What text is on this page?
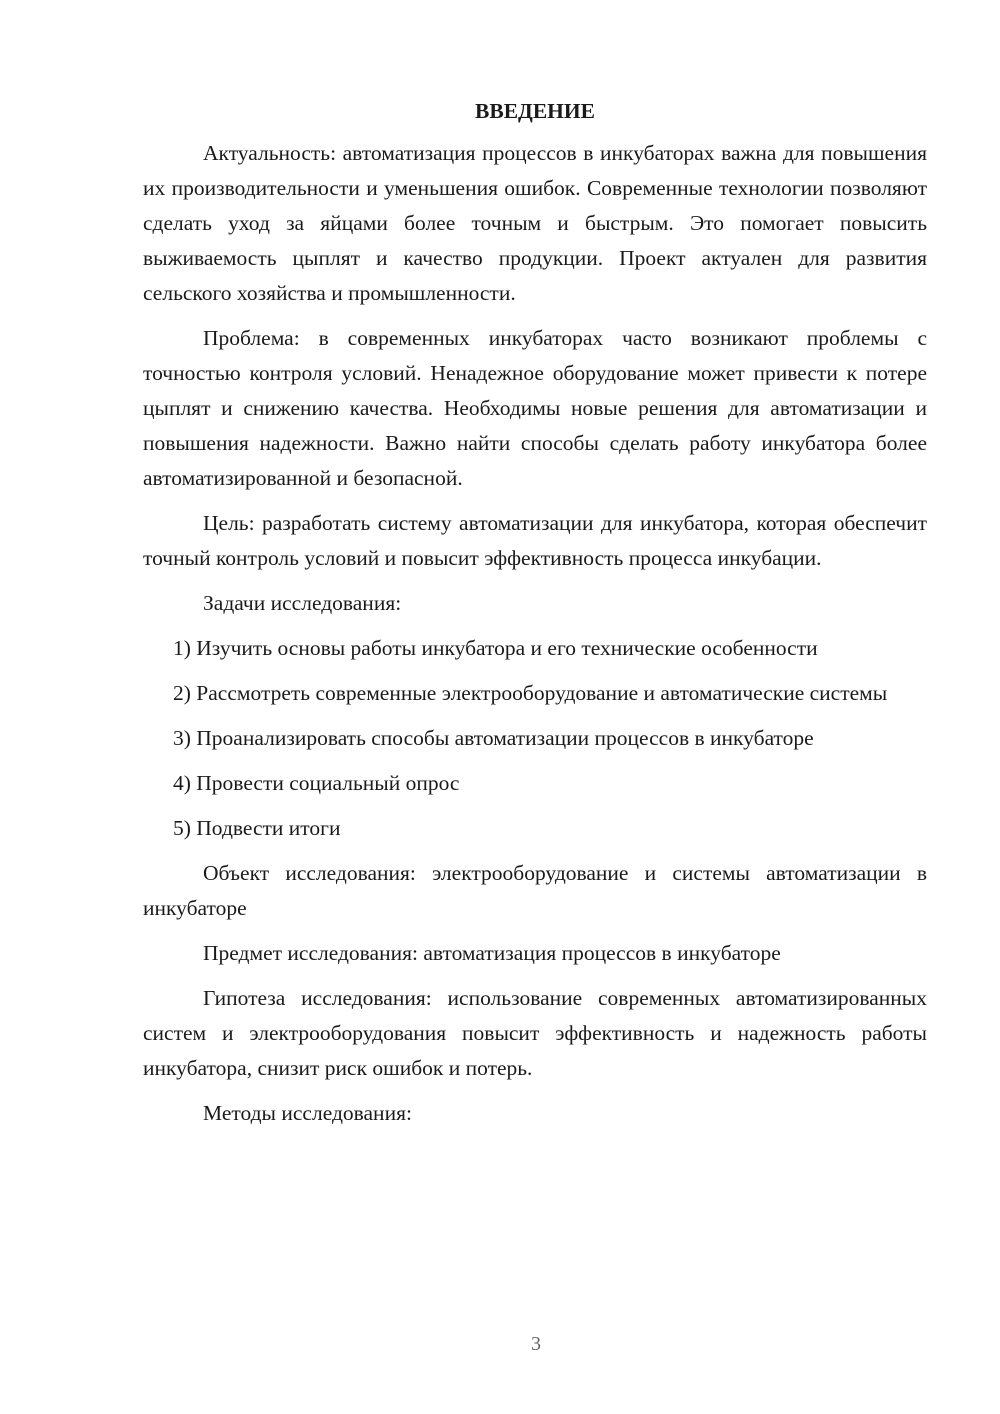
ВВЕДЕНИЕ

Актуальность: автоматизация процессов в инкубаторах важна для повышения их производительности и уменьшения ошибок. Современные технологии позволяют сделать уход за яйцами более точным и быстрым. Это помогает повысить выживаемость цыплят и качество продукции. Проект актуален для развития сельского хозяйства и промышленности.

Проблема: в современных инкубаторах часто возникают проблемы с точностью контроля условий. Ненадежное оборудование может привести к потере цыплят и снижению качества. Необходимы новые решения для автоматизации и повышения надежности. Важно найти способы сделать работу инкубатора более автоматизированной и безопасной.

Цель: разработать систему автоматизации для инкубатора, которая обеспечит точный контроль условий и повысит эффективность процесса инкубации.

Задачи исследования:

1) Изучить основы работы инкубатора и его технические особенности

2) Рассмотреть современные электрооборудование и автоматические системы

3) Проанализировать способы автоматизации процессов в инкубаторе

4) Провести социальный опрос

5) Подвести итоги

Объект исследования: электрооборудование и системы автоматизации в инкубаторе

Предмет исследования: автоматизация процессов в инкубаторе

Гипотеза исследования: использование современных автоматизированных систем и электрооборудования повысит эффективность и надежность работы инкубатора, снизит риск ошибок и потерь.

Методы исследования:

3
